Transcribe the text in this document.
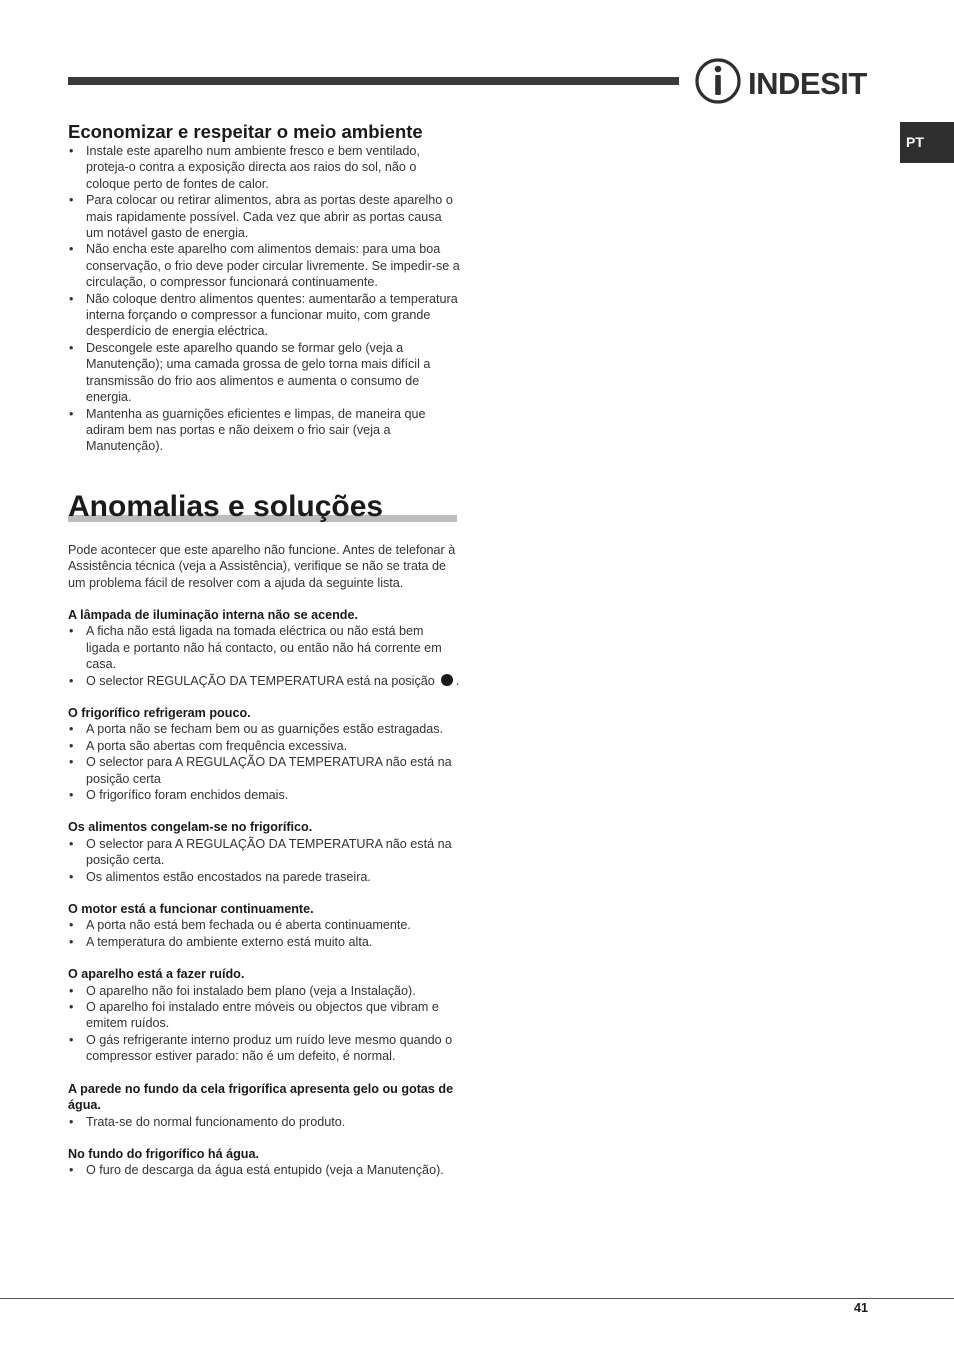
INDESIT
PT
Economizar e respeitar o meio ambiente
• Instale este aparelho num ambiente fresco e bem ventilado, proteja-o contra a exposição directa aos raios do sol, não o coloque perto de fontes de calor.
• Para colocar ou retirar alimentos, abra as portas deste aparelho o mais rapidamente possível. Cada vez que abrir as portas causa um notável gasto de energia.
• Não encha este aparelho com alimentos demais: para uma boa conservação, o frio deve poder circular livremente. Se impedir-se a circulação, o compressor funcionará continuamente.
• Não coloque dentro alimentos quentes: aumentarão a temperatura interna forçando o compressor a funcionar muito, com grande desperdício de energia eléctrica.
• Descongele este aparelho quando se formar gelo (veja a Manutenção); uma camada grossa de gelo torna mais difícil a transmissão do frio aos alimentos e aumenta o consumo de energia.
• Mantenha as guarnições eficientes e limpas, de maneira que adiram bem nas portas e não deixem o frio sair (veja a Manutenção).
Anomalias e soluções
Pode acontecer que este aparelho não funcione. Antes de telefonar à Assistência técnica (veja a Assistência), verifique se não se trata de um problema fácil de resolver com a ajuda da seguinte lista.
A lâmpada de iluminação interna não se acende.
• A ficha não está ligada na tomada eléctrica ou não está bem ligada e portanto não há contacto, ou então não há corrente em casa.
• O selector REGULAÇÃO DA TEMPERATURA está na posição .
O frigorífico refrigeram pouco.
• A porta não se fecham bem ou as guarnições estão estragadas.
• A porta são abertas com frequência excessiva.
• O selector para A REGULAÇÃO DA TEMPERATURA não está na posição certa
• O frigorífico foram enchidos demais.
Os alimentos congelam-se no frigorífico.
• O selector para A REGULAÇÃO DA TEMPERATURA não está na posição certa.
• Os alimentos estão encostados na parede traseira.
O motor está a funcionar continuamente.
• A porta não está bem fechada ou é aberta continuamente.
• A temperatura do ambiente externo está muito alta.
O aparelho está a fazer ruído.
• O aparelho não foi instalado bem plano (veja a Instalação).
• O aparelho foi instalado entre móveis ou objectos que vibram e emitem ruídos.
• O gás refrigerante interno produz um ruído leve mesmo quando o compressor estiver parado: não é um defeito, é normal.
A parede no fundo da cela frigorífica apresenta gelo ou gotas de água.
• Trata-se do normal funcionamento do produto.
No fundo do frigorífico há água.
• O furo de descarga da água está entupido (veja a Manutenção).
41
